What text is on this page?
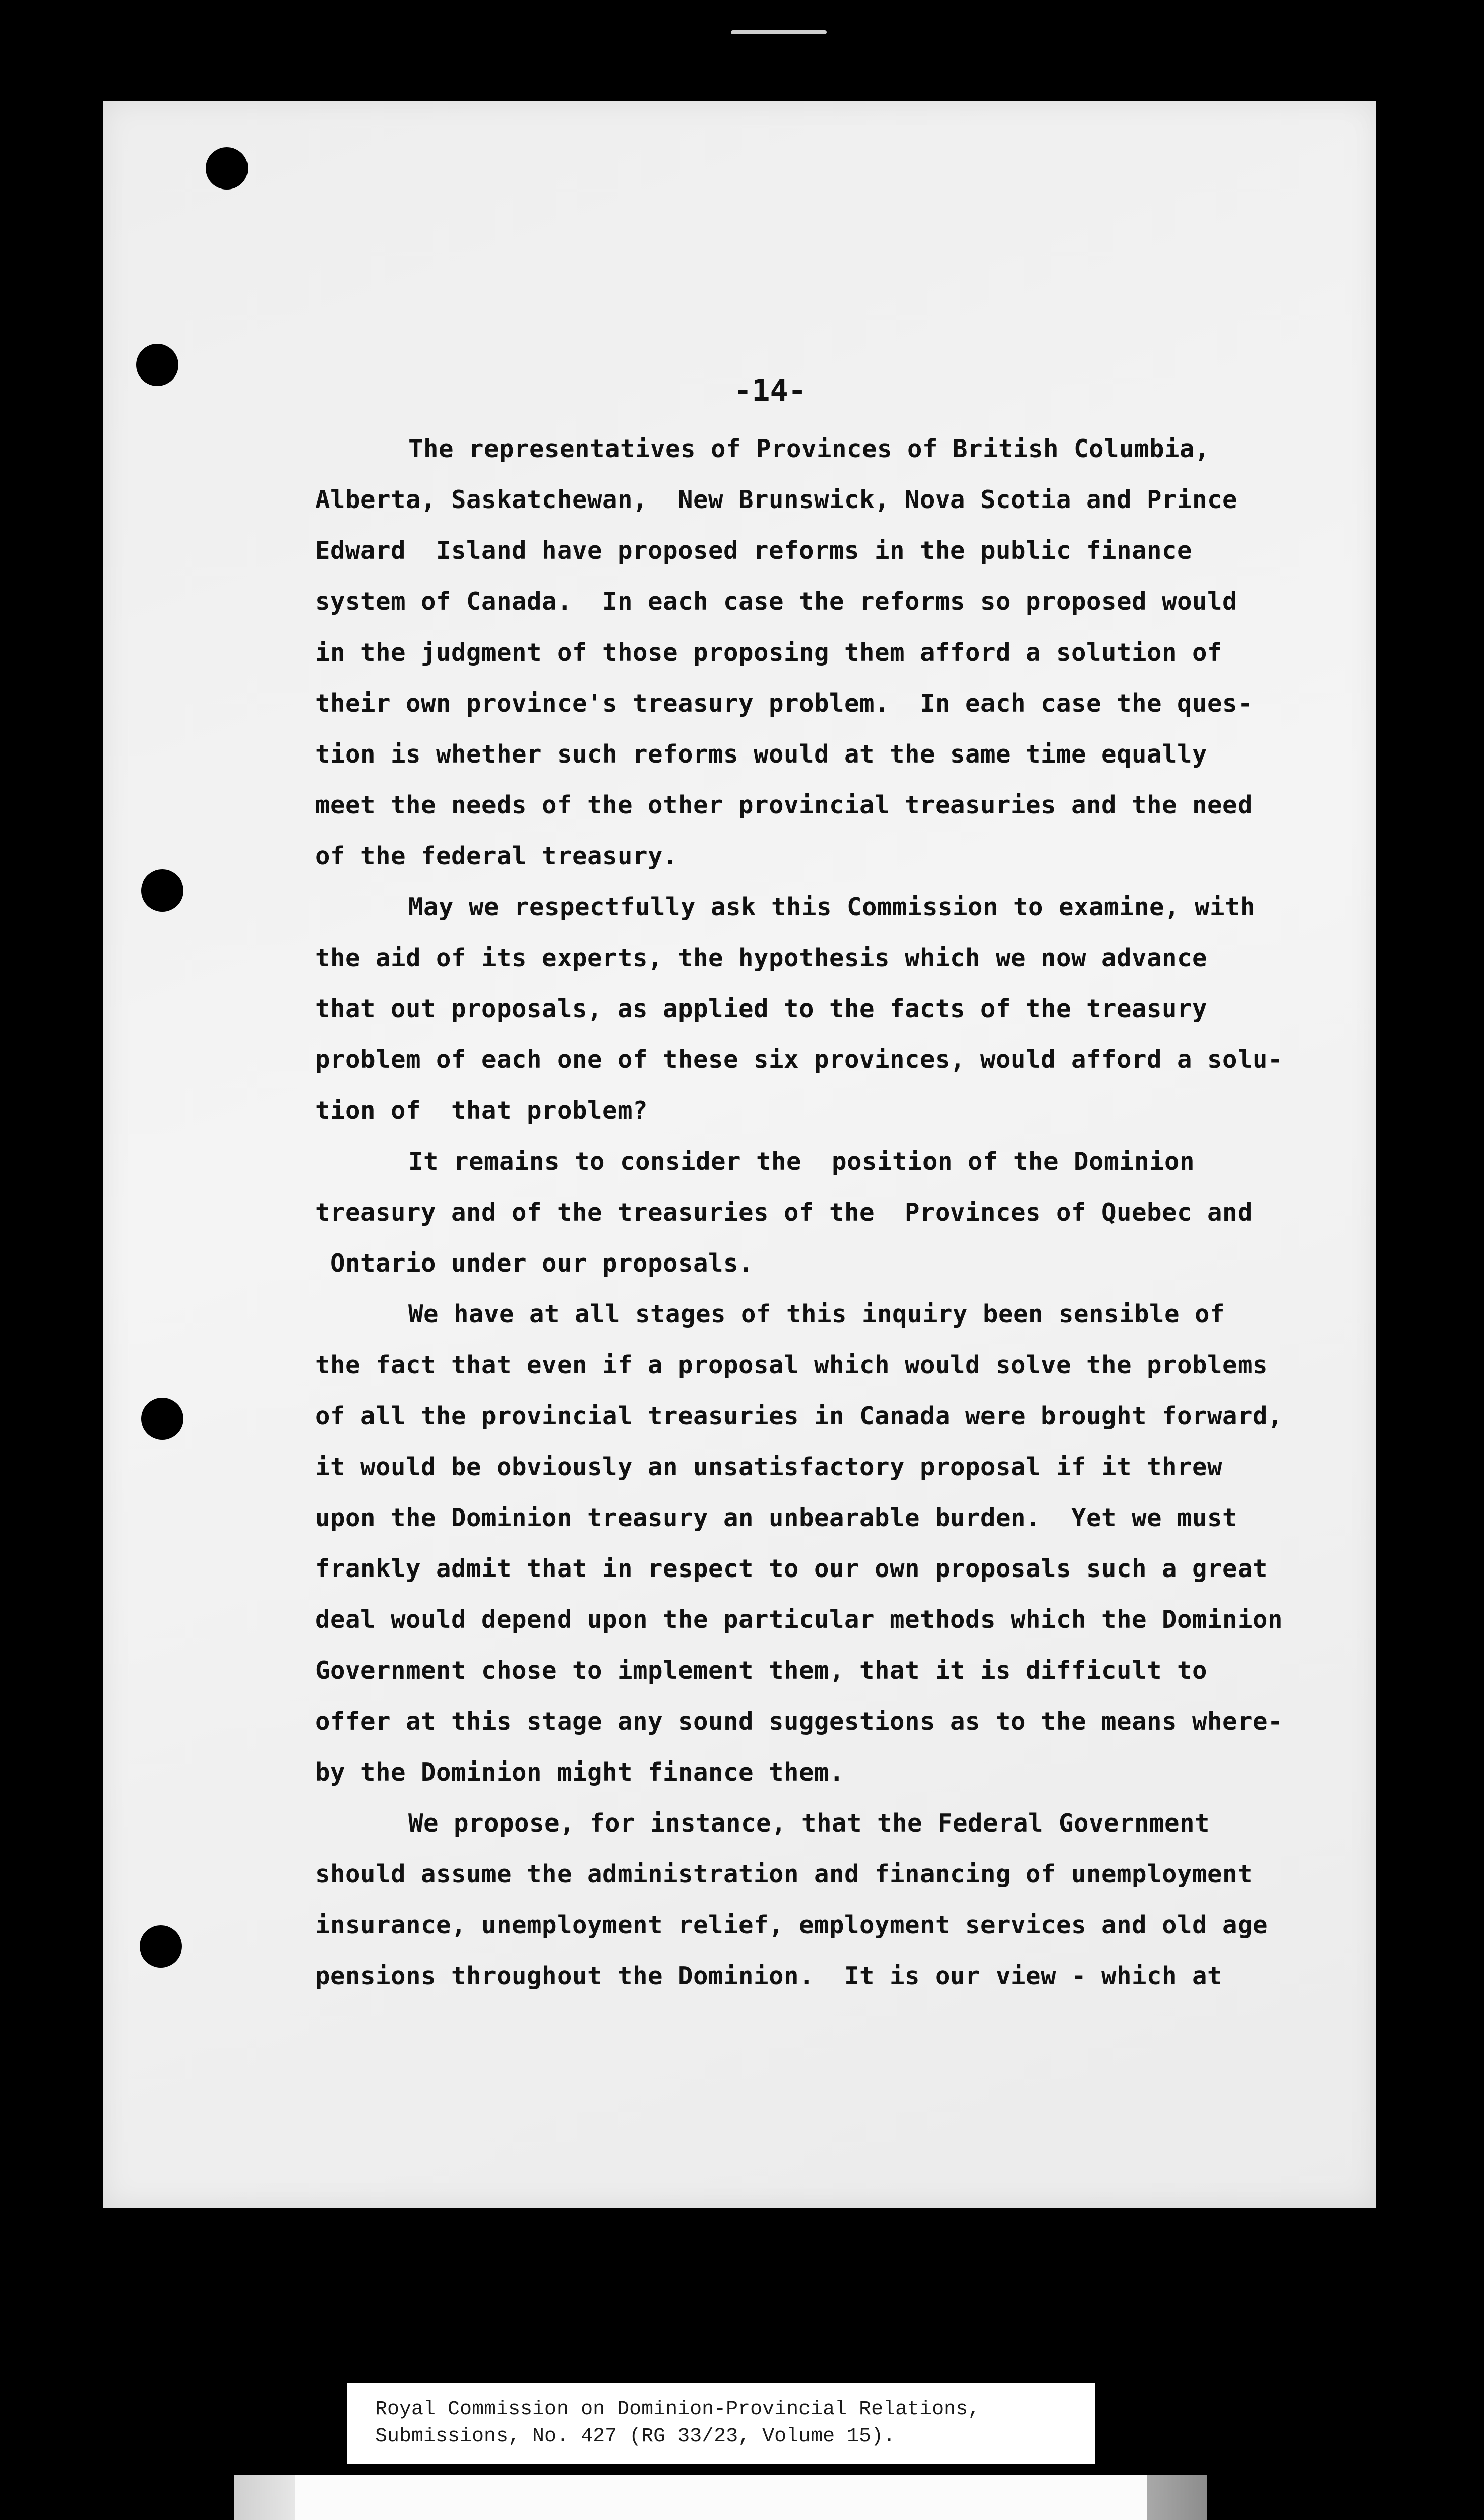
-14-
The representatives of Provinces of British Columbia,
Alberta, Saskatchewan,  New Brunswick, Nova Scotia and Prince
Edward  Island have proposed reforms in the public finance
system of Canada.  In each case the reforms so proposed would
in the judgment of those proposing them afford a solution of
their own province's treasury problem.  In each case the ques-
tion is whether such reforms would at the same time equally
meet the needs of the other provincial treasuries and the need
of the federal treasury.
May we respectfully ask this Commission to examine, with
the aid of its experts, the hypothesis which we now advance
that out proposals, as applied to the facts of the treasury
problem of each one of these six provinces, would afford a solu-
tion of  that problem?
It remains to consider the  position of the Dominion
treasury and of the treasuries of the  Provinces of Quebec and
Ontario under our proposals.
We have at all stages of this inquiry been sensible of
the fact that even if a proposal which would solve the problems
of all the provincial treasuries in Canada were brought forward,
it would be obviously an unsatisfactory proposal if it threw
upon the Dominion treasury an unbearable burden.  Yet we must
frankly admit that in respect to our own proposals such a great
deal would depend upon the particular methods which the Dominion
Government chose to implement them, that it is difficult to
offer at this stage any sound suggestions as to the means where-
by the Dominion might finance them.
We propose, for instance, that the Federal Government
should assume the administration and financing of unemployment
insurance, unemployment relief, employment services and old age
pensions throughout the Dominion.  It is our view - which at
Royal Commission on Dominion-Provincial Relations,
Submissions, No. 427 (RG 33/23, Volume 15).
